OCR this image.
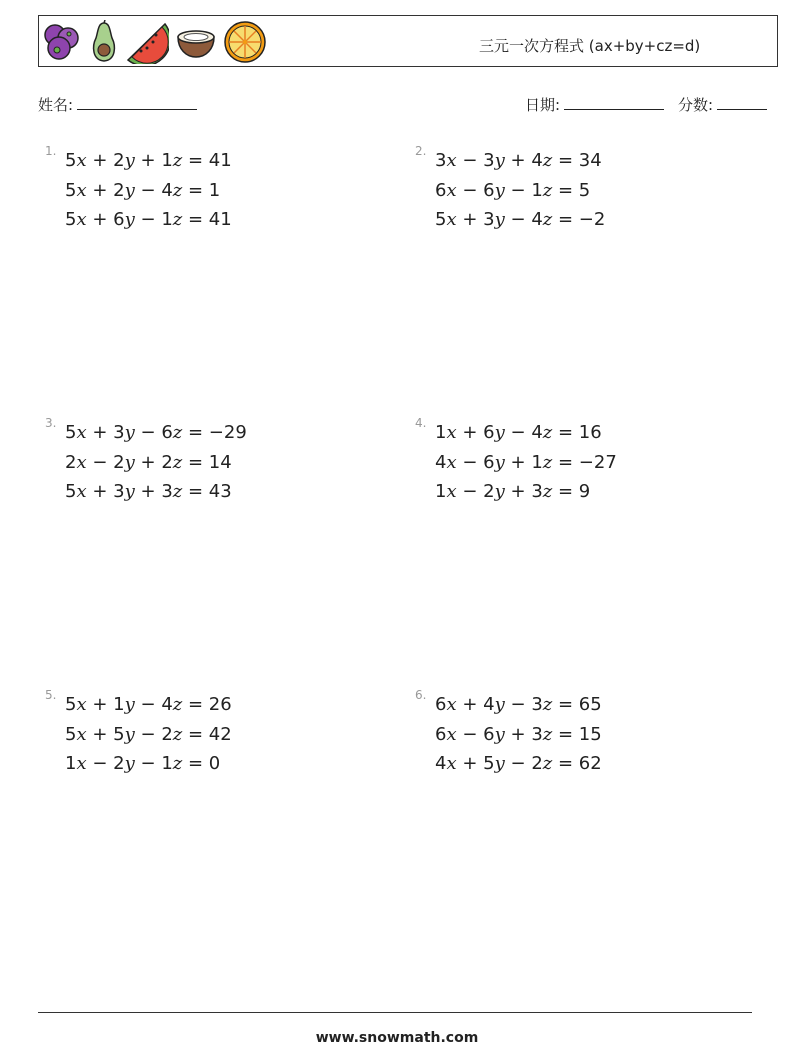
三元一次方程式 (ax+by+cz=d)
姓名:	日期:	分数:
1. 5x + 2y + 1z = 41
5x + 2y − 4z = 1
5x + 6y − 1z = 41
2. 3x − 3y + 4z = 34
6x − 6y − 1z = 5
5x + 3y − 4z = −2
3. 5x + 3y − 6z = −29
2x − 2y + 2z = 14
5x + 3y + 3z = 43
4. 1x + 6y − 4z = 16
4x − 6y + 1z = −27
1x − 2y + 3z = 9
5. 5x + 1y − 4z = 26
5x + 5y − 2z = 42
1x − 2y − 1z = 0
6. 6x + 4y − 3z = 65
6x − 6y + 3z = 15
4x + 5y − 2z = 62
www.snowmath.com
